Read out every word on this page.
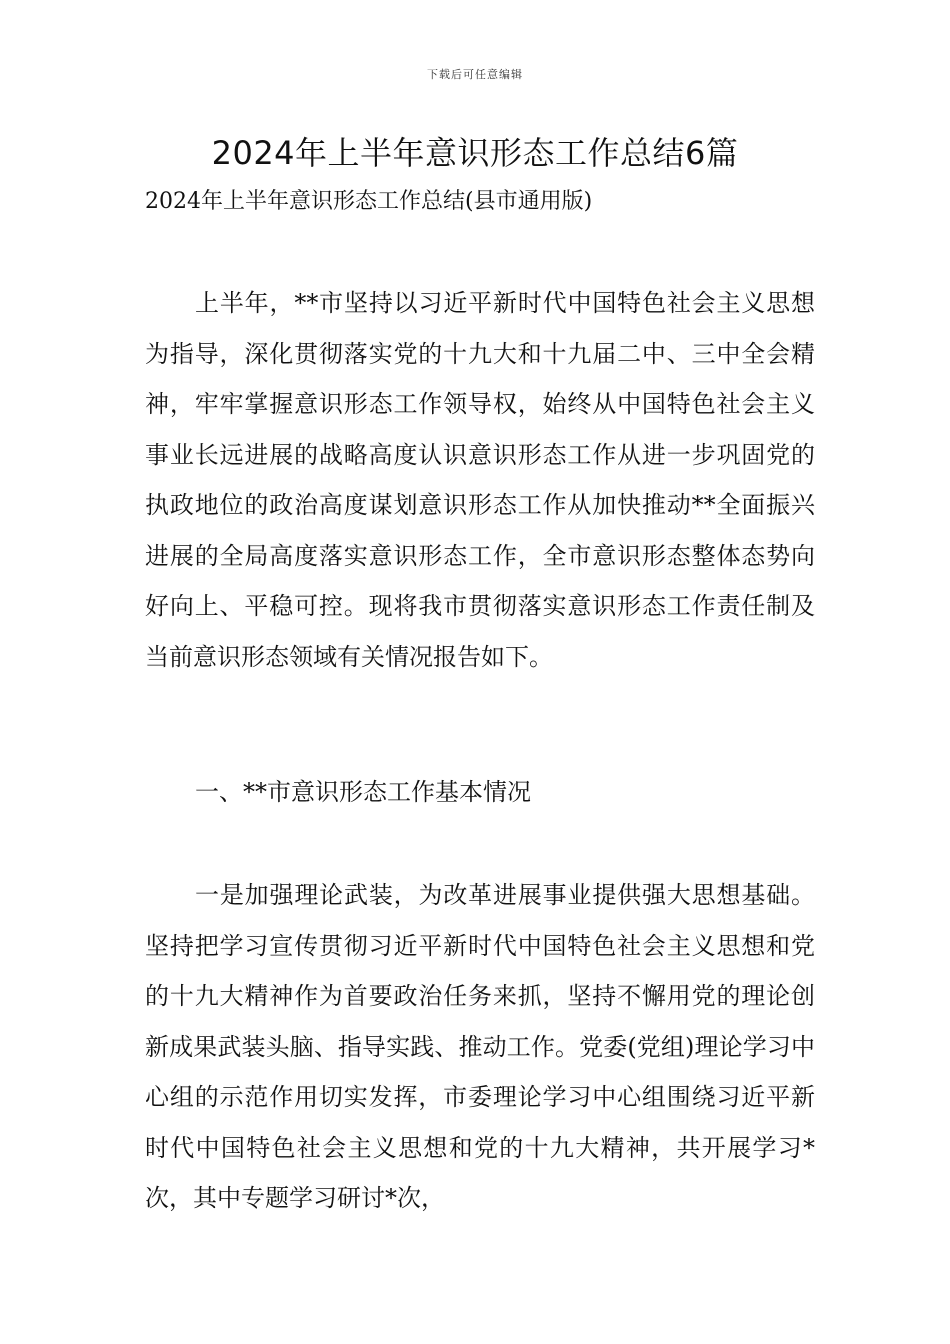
下载后可任意编辑
2024年上半年意识形态工作总结6篇

2024年上半年意识形态工作总结(县市通用版)

上半年，**市坚持以习近平新时代中国特色社会主义思想为指导，深化贯彻落实党的十九大和十九届二中、三中全会精神，牢牢掌握意识形态工作领导权，始终从中国特色社会主义事业长远进展的战略高度认识意识形态工作从进一步巩固党的执政地位的政治高度谋划意识形态工作从加快推动**全面振兴进展的全局高度落实意识形态工作，全市意识形态整体态势向好向上、平稳可控。现将我市贯彻落实意识形态工作责任制及当前意识形态领域有关情况报告如下。

一、**市意识形态工作基本情况

一是加强理论武装，为改革进展事业提供强大思想基础。坚持把学习宣传贯彻习近平新时代中国特色社会主义思想和党的十九大精神作为首要政治任务来抓，坚持不懈用党的理论创新成果武装头脑、指导实践、推动工作。党委(党组)理论学习中心组的示范作用切实发挥，市委理论学习中心组围绕习近平新时代中国特色社会主义思想和党的十九大精神，共开展学习*次，其中专题学习研讨*次，
